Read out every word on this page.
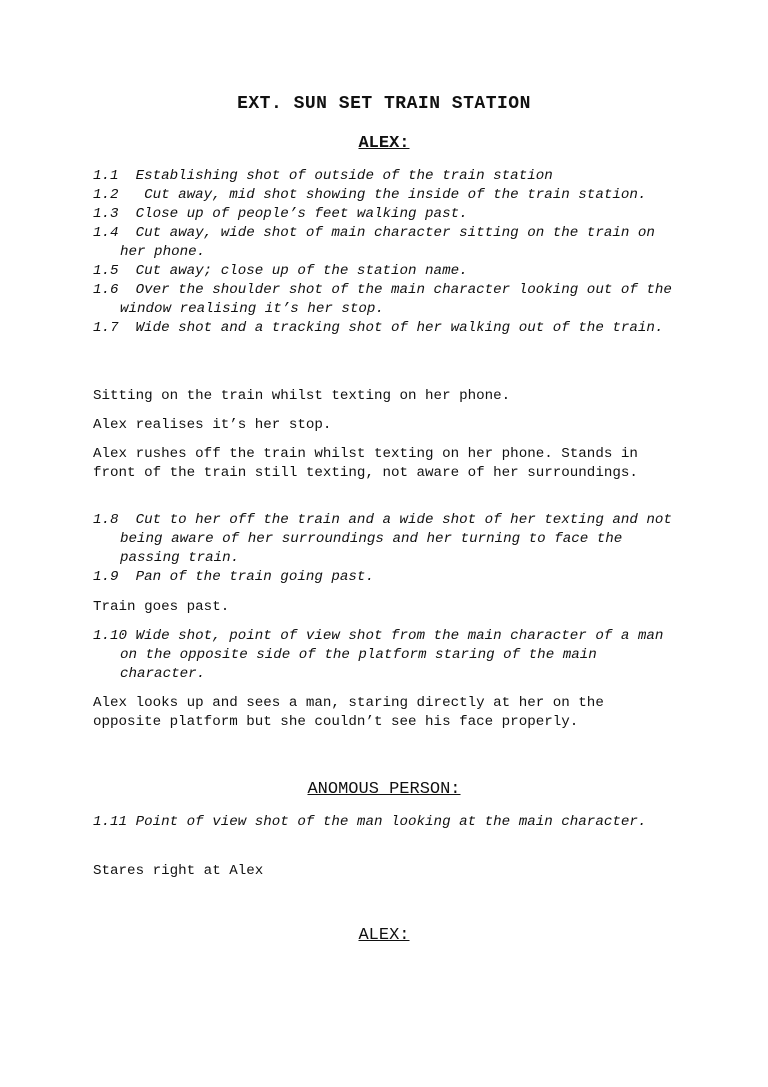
EXT. SUN SET TRAIN STATION
ALEX:
1.1  Establishing shot of outside of the train station
1.2   Cut away, mid shot showing the inside of the train station.
1.3  Close up of people’s feet walking past.
1.4  Cut away, wide shot of main character sitting on the train on her phone.
1.5  Cut away; close up of the station name.
1.6  Over the shoulder shot of the main character looking out of the window realising it’s her stop.
1.7  Wide shot and a tracking shot of her walking out of the train.
Sitting on the train whilst texting on her phone.
Alex realises it’s her stop.
Alex rushes off the train whilst texting on her phone. Stands in front of the train still texting, not aware of her surroundings.
1.8  Cut to her off the train and a wide shot of her texting and not being aware of her surroundings and her turning to face the passing train.
1.9  Pan of the train going past.
Train goes past.
1.10 Wide shot, point of view shot from the main character of a man on the opposite side of the platform staring of the main character.
Alex looks up and sees a man, staring directly at her on the opposite platform but she couldn’t see his face properly.
ANOMOUS PERSON:
1.11 Point of view shot of the man looking at the main character.
Stares right at Alex
ALEX:
